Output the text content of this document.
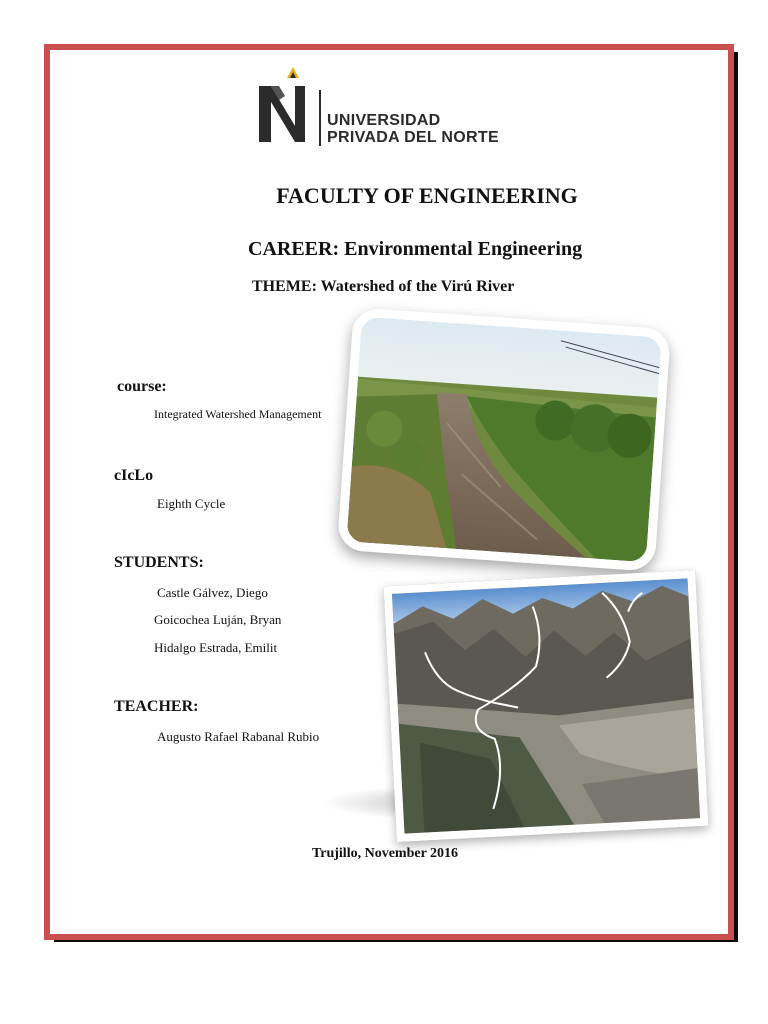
UNIVERSIDAD
PRIVADA DEL NORTE
FACULTY OF ENGINEERING
CAREER: Environmental Engineering
THEME: Watershed of the Virú River
course:
Integrated Watershed Management
cIcLo
Eighth Cycle
STUDENTS:
Castle Gálvez, Diego
Goicochea Luján, Bryan
Hidalgo Estrada, Emilit
TEACHER:
Augusto Rafael Rabanal Rubio
Trujillo, November 2016
